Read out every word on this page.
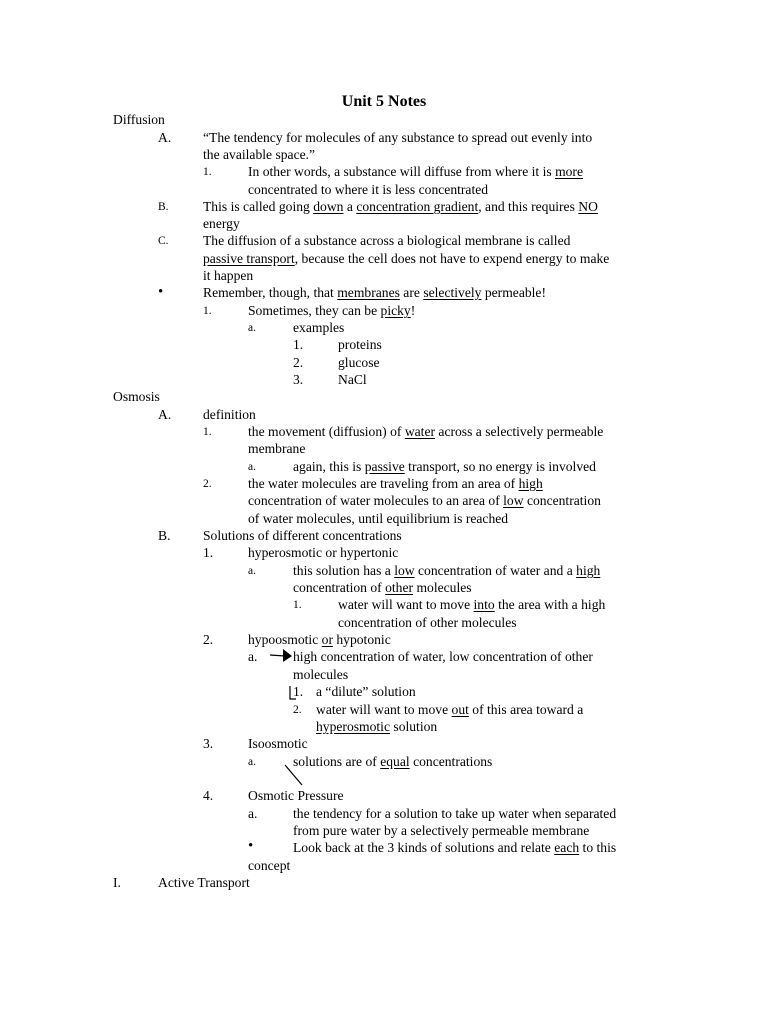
Unit 5 Notes
Diffusion
A. “The tendency for molecules of any substance to spread out evenly into
the available space.”
1.	In other words, a substance will diffuse from where it is more
concentrated to where it is less concentrated
B.	This is called going down a concentration gradient, and this requires NO
energy
C.	The diffusion of a substance across a biological membrane is called
passive transport, because the cell does not have to expend energy to make
it happen
•	Remember, though, that membranes are selectively permeable!
1.	Sometimes, they can be picky!
a.	examples
1.	proteins
2.	glucose
3.	NaCl
Osmosis
A. definition
1.	the movement (diffusion) of water across a selectively permeable
membrane
a.	again, this is passive transport, so no energy is involved
2.	the water molecules are traveling from an area of high
concentration of water molecules to an area of low concentration
of water molecules, until equilibrium is reached
B. Solutions of different concentrations
1.	hyperosmotic or hypertonic
a.	this solution has a low concentration of water and a high
concentration of other molecules
1.	water will want to move into the area with a high
concentration of other molecules
2.	hypoosmotic or hypotonic
a.	high concentration of water, low concentration of other
molecules
1. a “dilute” solution
2. water will want to move out of this area toward a
hyperosmotic solution
3.	Isoosmotic
a.	solutions are of equal concentrations
4.	Osmotic Pressure
a.	the tendency for a solution to take up water when separated
from pure water by a selectively permeable membrane
•	Look back at the 3 kinds of solutions and relate each to this
concept
I.	Active Transport
